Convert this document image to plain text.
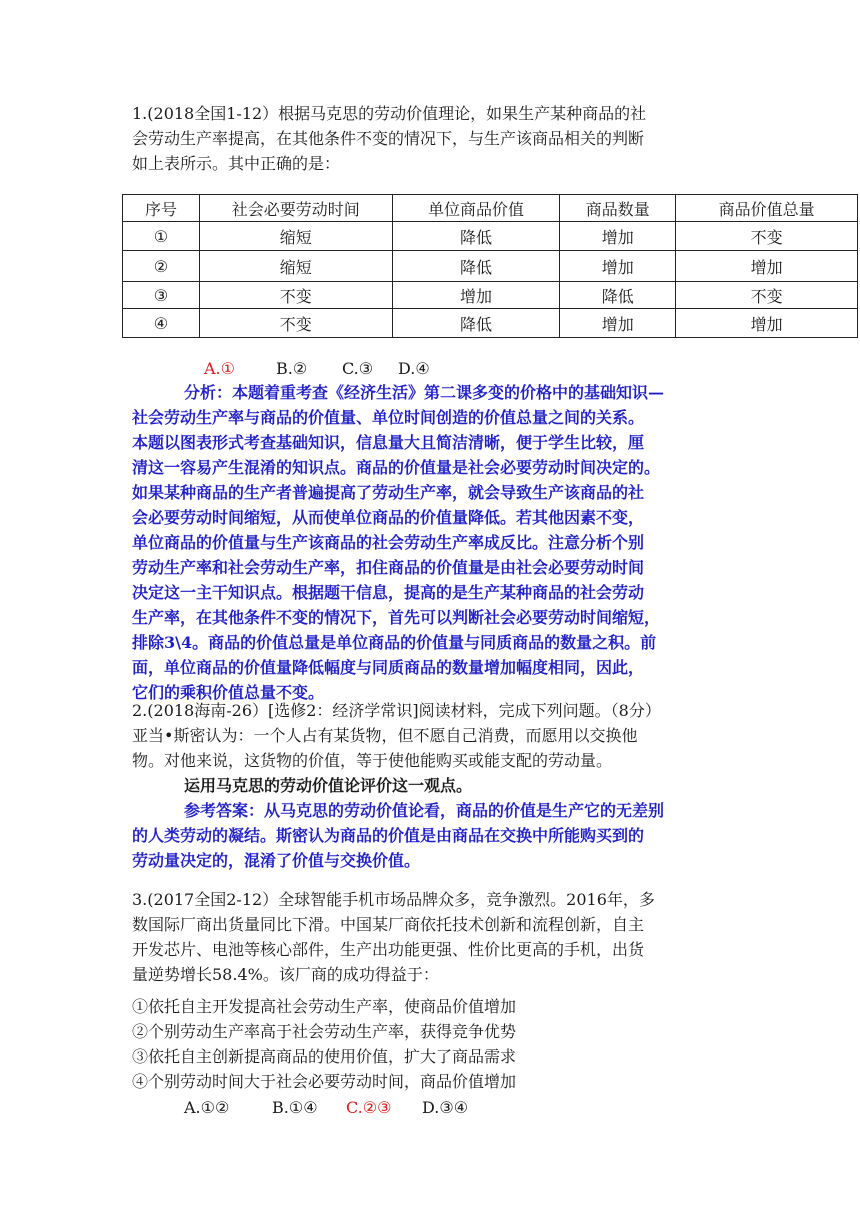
1.(2018全国1-12）根据马克思的劳动价值理论，如果生产某种商品的社
会劳动生产率提高，在其他条件不变的情况下，与生产该商品相关的判断
如上表所示。其中正确的是：
序号	社会必要劳动时间	单位商品价值	商品数量	商品价值总量
①	缩短	降低	增加	不变
②	缩短	降低	增加	增加
③	不变	增加	降低	不变
④	不变	降低	增加	增加
A.①	B.② C.③ D.④
分析：本题着重考查《经济生活》第二课多变的价格中的基础知识—
社会劳动生产率与商品的价值量、单位时间创造的价值总量之间的关系。
本题以图表形式考查基础知识，信息量大且简洁清晰，便于学生比较，厘
清这一容易产生混淆的知识点。商品的价值量是社会必要劳动时间决定的。
如果某种商品的生产者普遍提高了劳动生产率，就会导致生产该商品的社
会必要劳动时间缩短，从而使单位商品的价值量降低。若其他因素不变，
单位商品的价值量与生产该商品的社会劳动生产率成反比。注意分析个别
劳动生产率和社会劳动生产率，扣住商品的价值量是由社会必要劳动时间
决定这一主干知识点。根据题干信息，提高的是生产某种商品的社会劳动
生产率，在其他条件不变的情况下，首先可以判断社会必要劳动时间缩短，
排除3\4。商品的价值总量是单位商品的价值量与同质商品的数量之积。前
面，单位商品的价值量降低幅度与同质商品的数量增加幅度相同，因此，
它们的乘积价值总量不变。
2.(2018海南-26）[选修2：经济学常识]阅读材料，完成下列问题。（8分）
亚当•斯密认为：一个人占有某货物，但不愿自己消费，而愿用以交换他
物。对他来说，这货物的价值，等于使他能购买或能支配的劳动量。
运用马克思的劳动价值论评价这一观点。
参考答案：从马克思的劳动价值论看，商品的价值是生产它的无差别
的人类劳动的凝结。斯密认为商品的价值是由商品在交换中所能购买到的
劳动量决定的，混淆了价值与交换价值。
3.(2017全国2-12）全球智能手机市场品牌众多，竞争激烈。2016年，多
数国际厂商出货量同比下滑。中国某厂商依托技术创新和流程创新，自主
开发芯片、电池等核心部件，生产出功能更强、性价比更高的手机，出货
量逆势增长58.4%。该厂商的成功得益于：
①依托自主开发提高社会劳动生产率，使商品价值增加
②个别劳动生产率高于社会劳动生产率，获得竞争优势
③依托自主创新提高商品的使用价值，扩大了商品需求
④个别劳动时间大于社会必要劳动时间，商品价值增加
A.①②	B.①④ C.②③ D.③④
